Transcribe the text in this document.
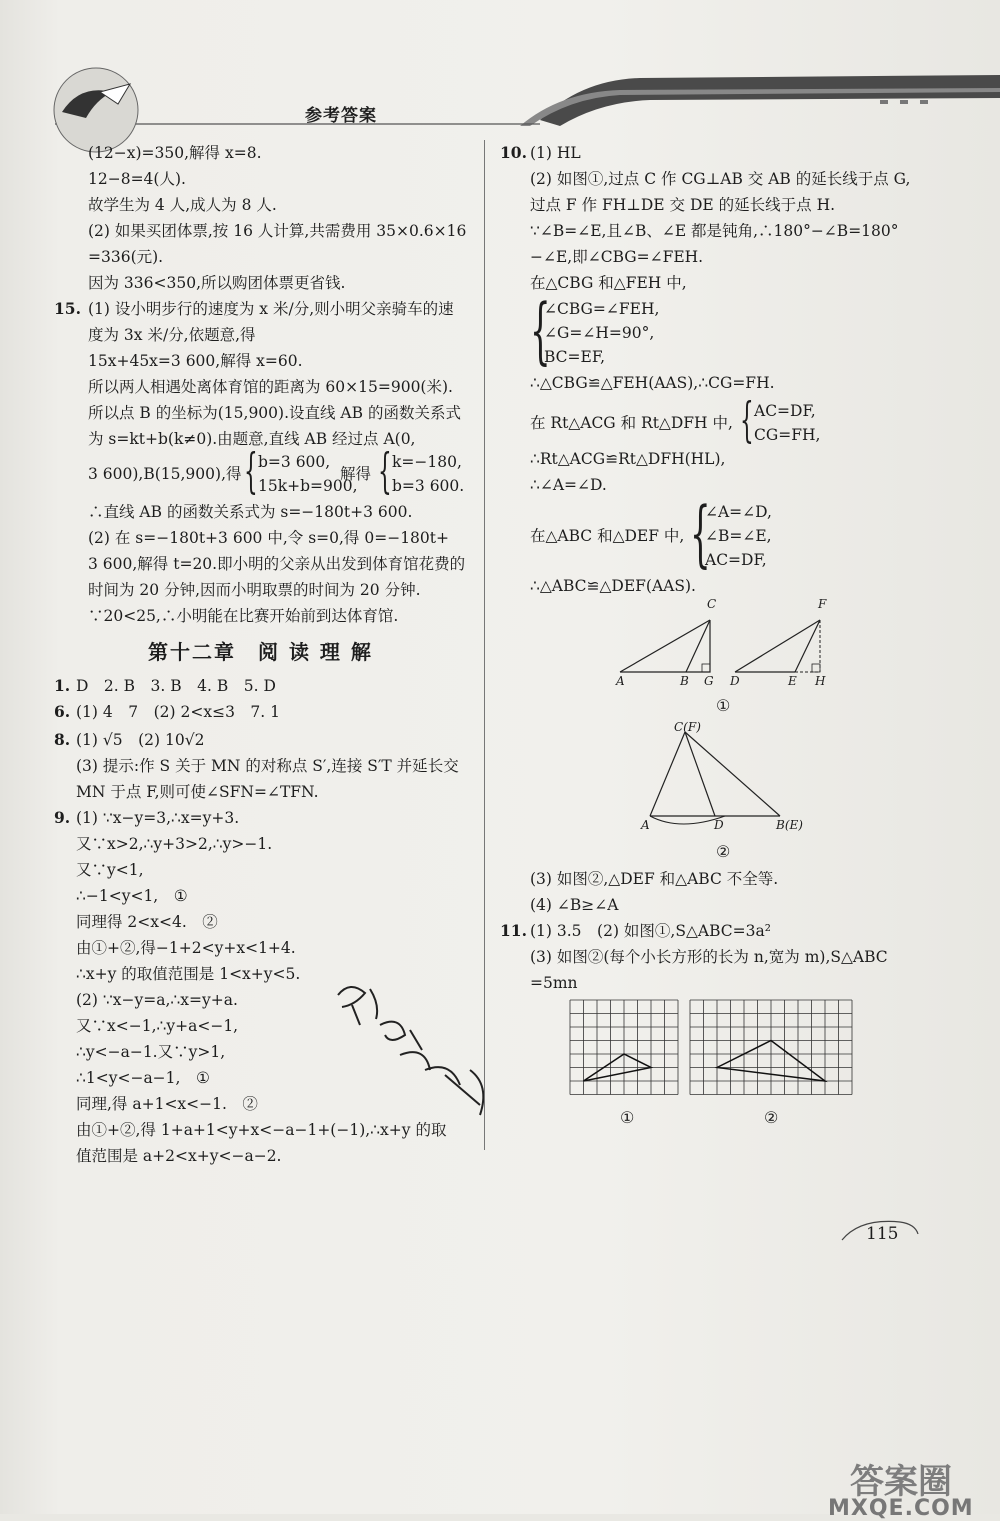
参考答案
(12−x)=350,解得 x=8.
12−8=4(人).
故学生为 4 人,成人为 8 人.
(2) 如果买团体票,按 16 人计算,共需费用 35×0.6×16
=336(元).
因为 336<350,所以购团体票更省钱.
15. (1) 设小明步行的速度为 x 米/分,则小明父亲骑车的速
度为 3x 米/分,依题意,得
15x+45x=3 600,解得 x=60.
所以两人相遇处离体育馆的距离为 60×15=900(米).
所以点 B 的坐标为(15,900).设直线 AB 的函数关系式
为 s=kt+b(k≠0).由题意,直线 AB 经过点 A(0,
3 600),B(15,900),得 { b=3 600,
15k+b=900,
解得 { k=−180,
b=3 600.
∴直线 AB 的函数关系式为 s=−180t+3 600.
(2) 在 s=−180t+3 600 中,令 s=0,得 0=−180t+
3 600,解得 t=20.即小明的父亲从出发到体育馆花费的
时间为 20 分钟,因而小明取票的时间为 20 分钟.
∵20<25,∴小明能在比赛开始前到达体育馆.
第十二章　阅 读 理 解
1. D　2. B　3. B　4. B　5. D
6. (1) 4　7　(2) 2<x≤3　7. 1
8. (1) √5　(2) 10√2
(3) 提示:作 S 关于 MN 的对称点 S′,连接 S′T 并延长交
MN 于点 F,则可使∠SFN=∠TFN.
9. (1) ∵x−y=3,∴x=y+3.
又∵x>2,∴y+3>2,∴y>−1.
又∵y<1,
∴−1<y<1,　①
同理得 2<x<4.　②
由①+②,得−1+2<y+x<1+4.
∴x+y 的取值范围是 1<x+y<5.
(2) ∵x−y=a,∴x=y+a.
又∵x<−1,∴y+a<−1,
∴y<−a−1.又∵y>1,
∴1<y<−a−1,　①
同理,得 a+1<x<−1.　②
由①+②,得 1+a+1<y+x<−a−1+(−1),∴x+y 的取
值范围是 a+2<x+y<−a−2.
10. (1) HL
(2) 如图①,过点 C 作 CG⊥AB 交 AB 的延长线于点 G,
过点 F 作 FH⊥DE 交 DE 的延长线于点 H.
∵∠B=∠E,且∠B、∠E 都是钝角,∴180°−∠B=180°
−∠E,即∠CBG=∠FEH.
在△CBG 和△FEH 中,
{
∠CBG=∠FEH,
∠G=∠H=90°,
BC=EF,
∴△CBG≌△FEH(AAS),∴CG=FH.
在 Rt△ACG 和 Rt△DFH 中, { AC=DF,
CG=FH,
∴Rt△ACG≌Rt△DFH(HL),
∴∠A=∠D.
在△ABC 和△DEF 中, {
∠A=∠D,
∠B=∠E,
AC=DF,
∴△ABC≌△DEF(AAS).
C	F
A	B G D	E H
①
C(F)
A	D	B(E)
②
(3) 如图②,△DEF 和△ABC 不全等.
(4) ∠B≥∠A
11. (1) 3.5　(2) 如图①,S△ABC=3a²
(3) 如图②(每个小长方形的长为 n,宽为 m),S△ABC
=5mn
①	②
115
答案圈
MXQE.COM
